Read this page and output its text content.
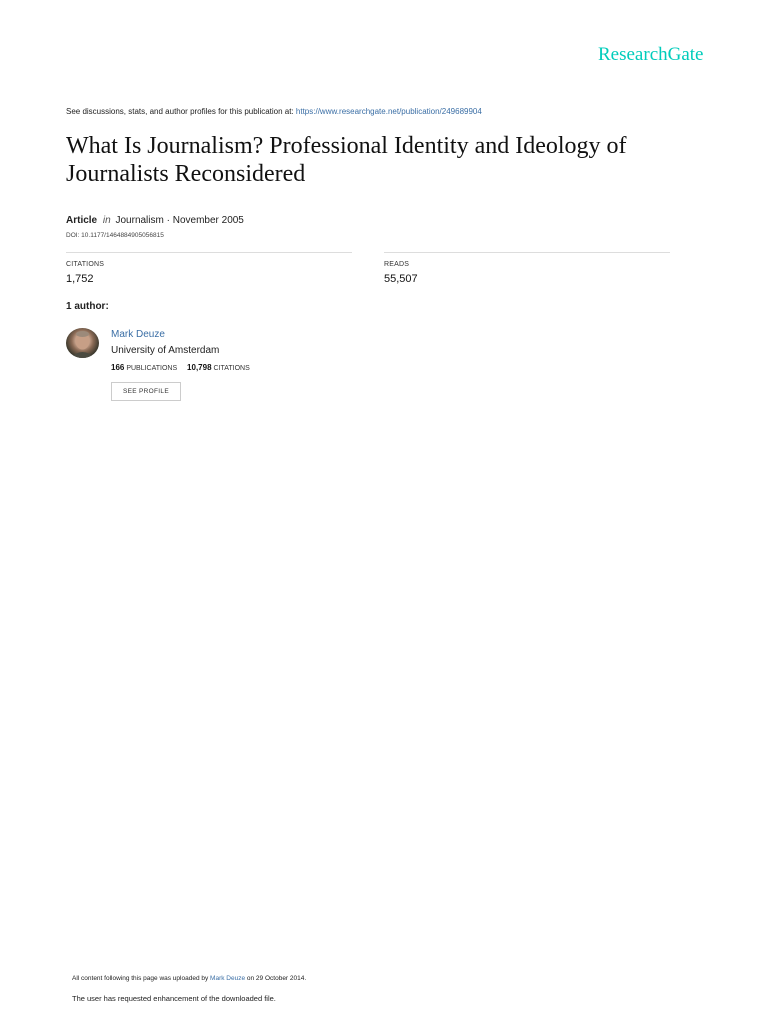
ResearchGate
See discussions, stats, and author profiles for this publication at: https://www.researchgate.net/publication/249689904
What Is Journalism? Professional Identity and Ideology of Journalists Reconsidered
Article in Journalism · November 2005
DOI: 10.1177/1464884905056815
CITATIONS
1,752
READS
55,507
1 author:
Mark Deuze
University of Amsterdam
166 PUBLICATIONS 10,798 CITATIONS
SEE PROFILE
All content following this page was uploaded by Mark Deuze on 29 October 2014.
The user has requested enhancement of the downloaded file.
